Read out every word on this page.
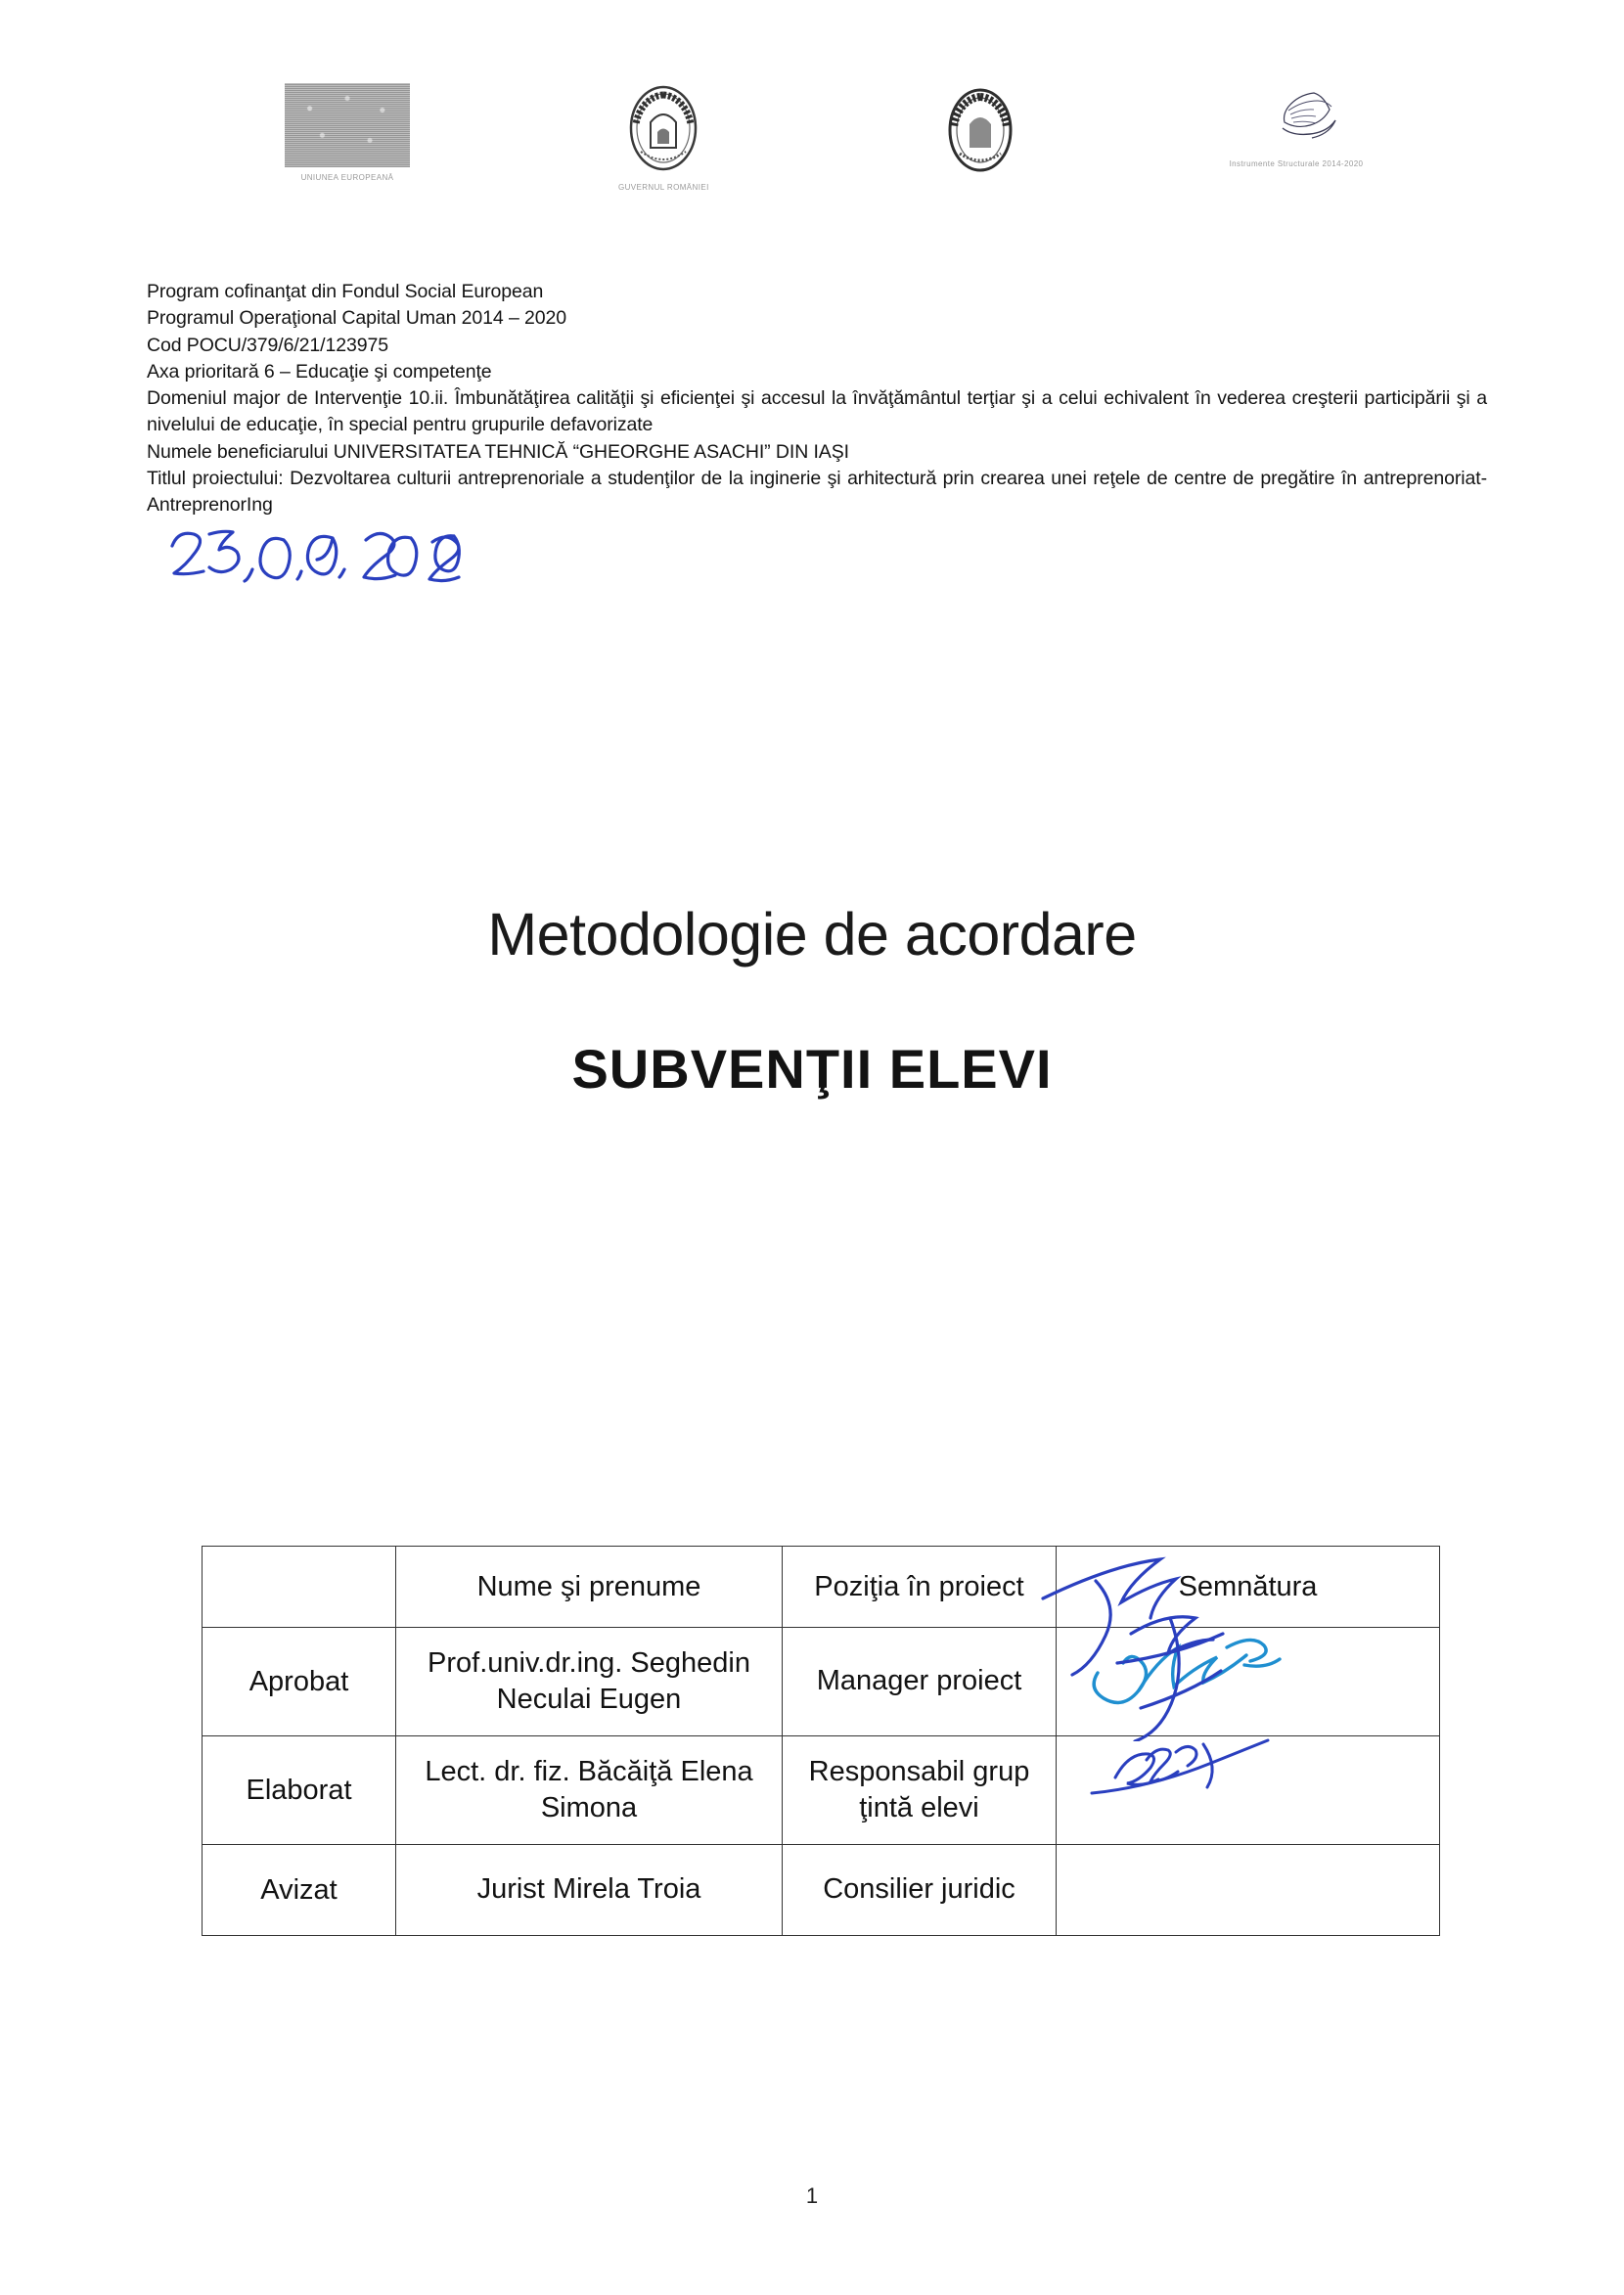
UNIUNEA EUROPEANĂ
GUVERNUL ROMÂNIEI
Instrumente Structurale 2014-2020
Program cofinanţat din Fondul Social European
Programul Operaţional Capital Uman 2014 – 2020
Cod POCU/379/6/21/123975
Axa prioritară 6 – Educaţie şi competenţe
Domeniul major de Intervenţie 10.ii. Îmbunătăţirea calităţii şi eficienţei şi accesul la învăţământul terţiar şi a celui echivalent în vederea creşterii participării şi a nivelului de educaţie, în special pentru grupurile defavorizate
Numele beneficiarului UNIVERSITATEA TEHNICĂ “GHEORGHE ASACHI” DIN IAŞI
Titlul proiectului: Dezvoltarea culturii antreprenoriale a studenţilor de la inginerie şi arhitectură prin crearea unei reţele de centre de pregătire în antreprenoriat-AntreprenorIng
Metodologie de acordare
SUBVENŢII ELEVI
	Nume şi prenume	Poziţia în proiect	Semnătura
Aprobat	Prof.univ.dr.ing. Seghedin Neculai Eugen	Manager proiect	

Elaborat	Lect. dr. fiz. Băcăiţă Elena Simona	Responsabil grup ţintă elevi	

Avizat	Jurist Mirela Troia	Consilier juridic	
1
